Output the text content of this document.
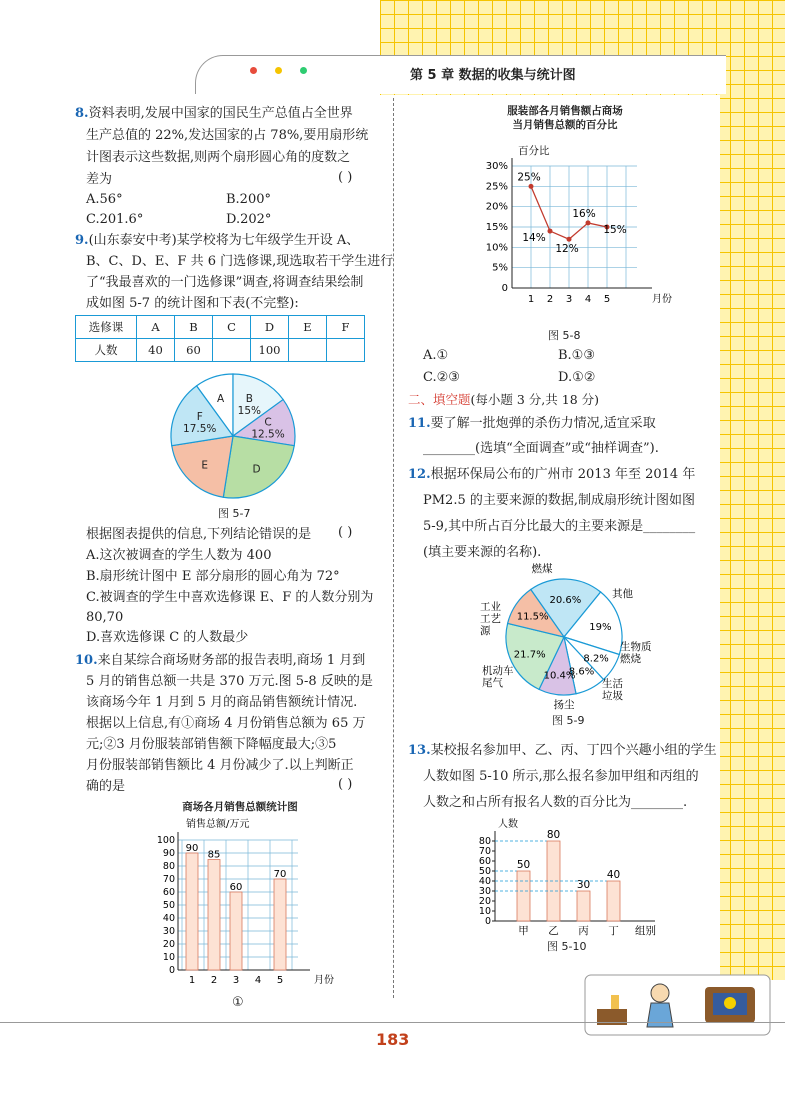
第 5 章 数据的收集与统计图
8.资料表明,发展中国家的国民生产总值占全世界
生产总值的 22%,发达国家的占 78%,要用扇形统
计图表示这些数据,则两个扇形圆心角的度数之
差为	( )
A.56°	B.200°
C.201.6°	D.202°
9.(山东泰安中考)某学校将为七年级学生开设 A、
B、C、D、E、F 共 6 门选修课,现选取若干学生进行
了“我最喜欢的一门选修课”调查,将调查结果绘制
成如图 5-7 的统计图和下表(不完整):
选修课	A	B	C	D	E	F
人数	40	60		100		
A	B 15%
C 12.5%
D
E
F 17.5%
图 5-7
根据图表提供的信息,下列结论错误的是 ( )
A.这次被调查的学生人数为 400
B.扇形统计图中 E 部分扇形的圆心角为 72°
C.被调查的学生中喜欢选修课 E、F 的人数分别为
80,70
D.喜欢选修课 C 的人数最少
10.来自某综合商场财务部的报告表明,商场 1 月到
5 月的销售总额一共是 370 万元.图 5-8 反映的是
该商场今年 1 月到 5 月的商品销售额统计情况.
根据以上信息,有①商场 4 月份销售总额为 65 万
元;②3 月份服装部销售额下降幅度最大;③5
月份服装部销售额比 4 月份减少了.以上判断正
确的是	( )
商场各月销售总额统计图
销售总额/万元
0
10
20
30
40
50
60
70
80
90
100
90
1
85
2
60
3 4
70
5	月份
①
服装部各月销售额占商场
当月销售总额的百分比
百分比
0
5%
10%
15%
20%
25%
30%
25%
14%
12%
16%
15%
1 2 3 4 5	月份
图 5-8
A.①	B.①③
C.②③	D.①②
二、填空题(每小题 3 分,共 18 分)
11.要了解一批炮弹的杀伤力情况,适宜采取
________(选填“全面调查”或“抽样调查”).
12.根据环保局公布的广州市 2013 年至 2014 年
PM2.5 的主要来源的数据,制成扇形统计图如图
5-9,其中所占百分比最大的主要来源是________
(填主要来源的名称).
20.6%
19%
8.2%
8.6%
10.4%
21.7%
11.5%
燃煤
其他
生物质燃烧
生活垃圾
扬尘
机动车尾气
工业工艺源
图 5-9
13.某校报名参加甲、乙、丙、丁四个兴趣小组的学生
人数如图 5-10 所示,那么报名参加甲组和丙组的
人数之和占所有报名人数的百分比为________.
人数
0
10
20
30
40
50
60
70
80
50
甲
80
乙
30
丙
40
丁 组别
图 5-10
183
